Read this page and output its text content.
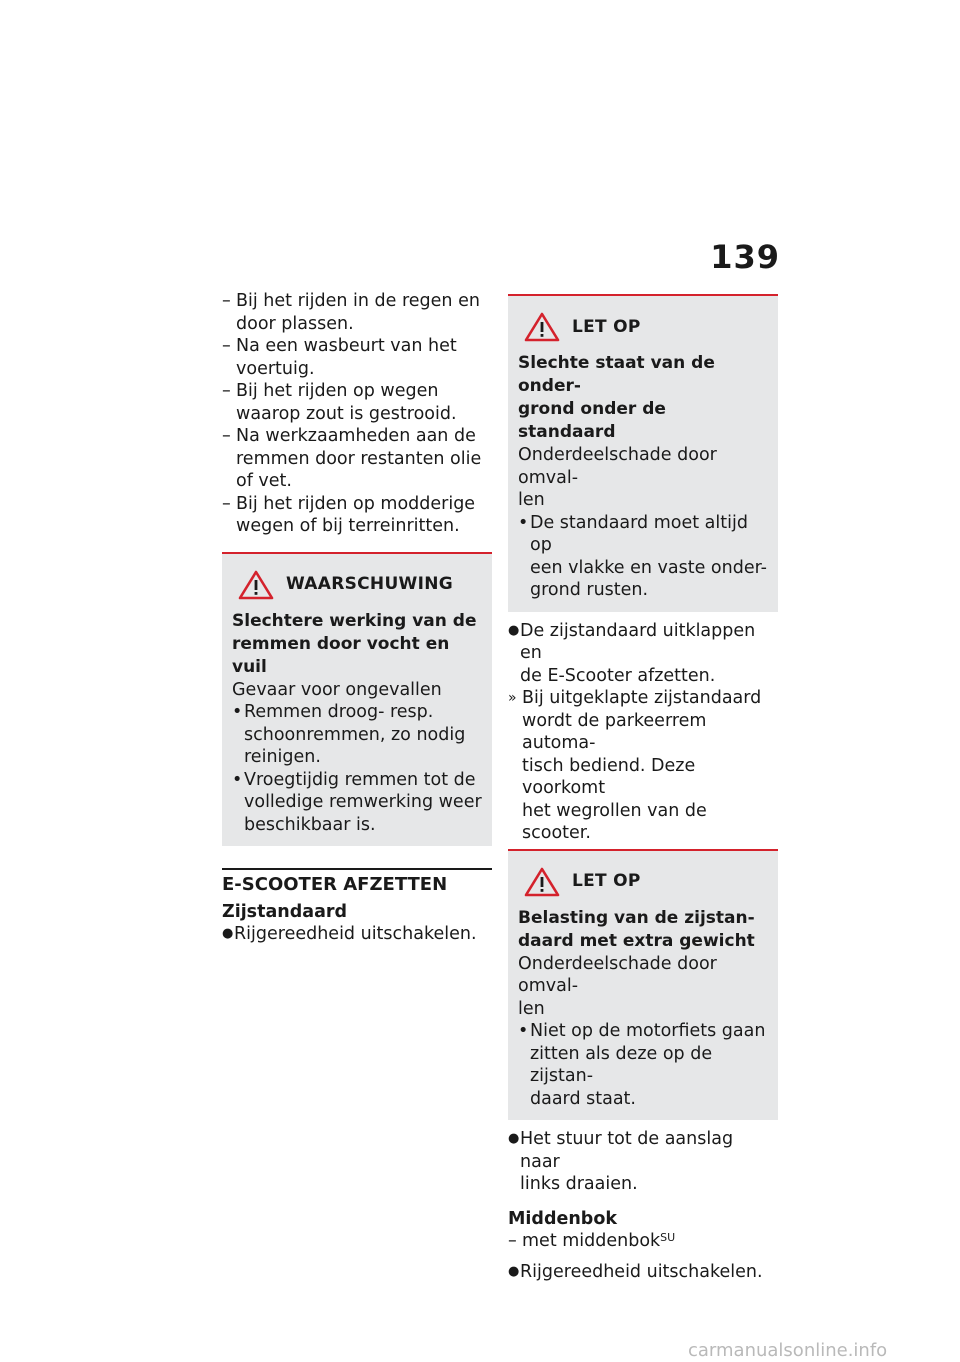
139
– Bij het rijden in de regen en
door plassen.
– Na een wasbeurt van het
voertuig.
– Bij het rijden op wegen
waarop zout is gestrooid.
– Na werkzaamheden aan de
remmen door restanten olie
of vet.
– Bij het rijden op modderige
wegen of bij terreinritten.
WAARSCHUWING
Slechtere werking van de
remmen door vocht en vuil
Gevaar voor ongevallen
• Remmen droog- resp.
schoonremmen, zo nodig
reinigen.
• Vroegtijdig remmen tot de
volledige remwerking weer
beschikbaar is.
E-SCOOTER AFZETTEN
Zijstandaard
● Rijgereedheid uitschakelen.
LET OP
Slechte staat van de onder-
grond onder de standaard
Onderdeelschade door omval-
len
• De standaard moet altijd op
een vlakke en vaste onder-
grond rusten.
● De zijstandaard uitklappen en
de E-Scooter afzetten.
» Bij uitgeklapte zijstandaard
wordt de parkeerrem automa-
tisch bediend. Deze voorkomt
het wegrollen van de scooter.
LET OP
Belasting van de zijstan-
daard met extra gewicht
Onderdeelschade door omval-
len
• Niet op de motorfiets gaan
zitten als deze op de zijstan-
daard staat.
● Het stuur tot de aanslag naar
links draaien.
Middenbok
– met middenbok$^{SU}$
● Rijgereedheid uitschakelen.
carmanualsonline.info
